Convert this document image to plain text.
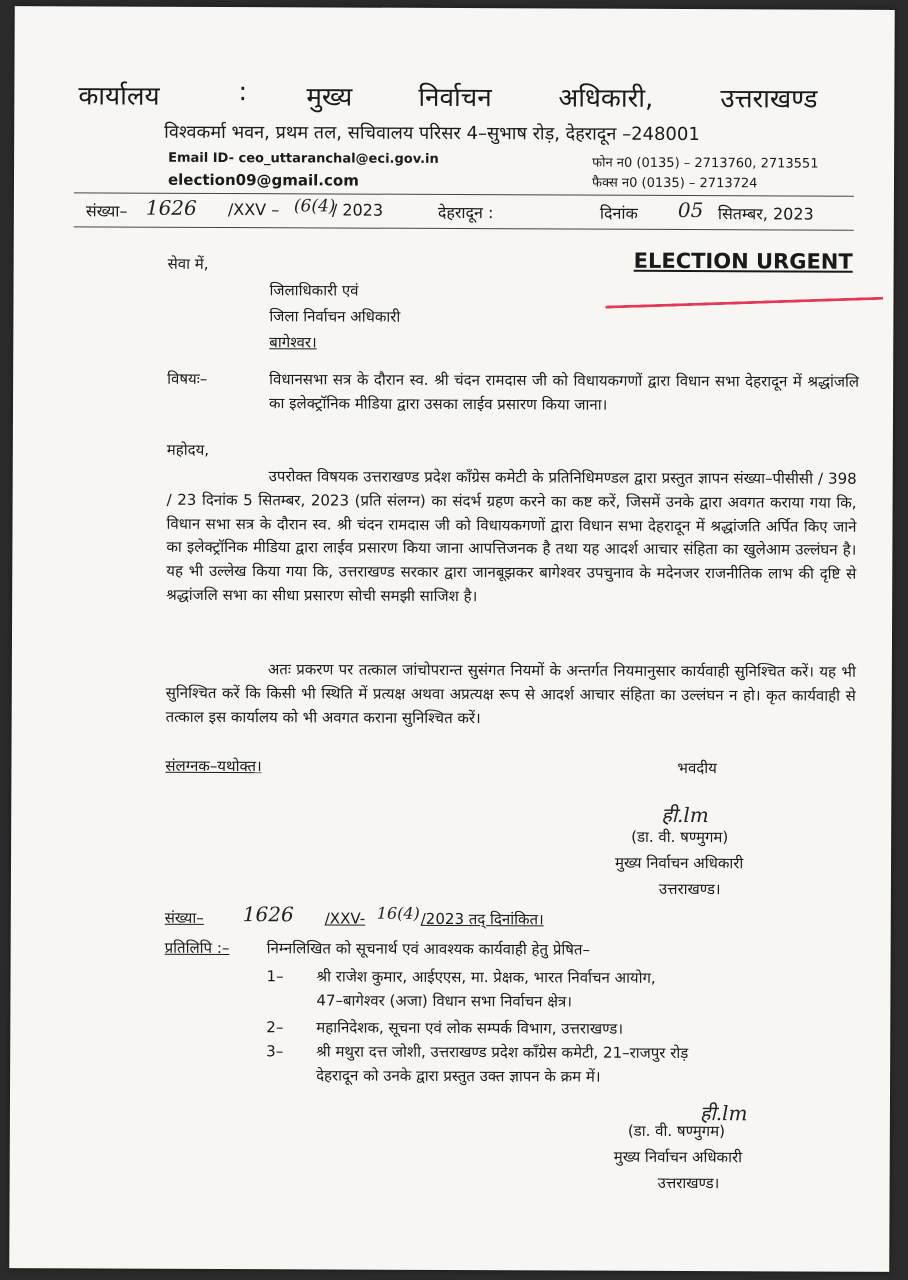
कार्यालय	: मुख्य	निर्वाचन	अधिकारी,	उत्तराखण्ड
विश्वकर्मा भवन, प्रथम तल, सचिवालय परिसर 4–सुभाष रोड़, देहरादून –248001
Email ID- ceo_uttaranchal@eci.gov.in
election09@gmail.com
फोन न0 (0135) – 2713760, 2713551
फैक्स न0 (0135) – 2713724
संख्या– 1626 /XXV – (6(4)
/ 2023	देहरादून :	दिनांक 05 सितम्बर, 2023
ELECTION URGENT
सेवा में,
जिलाधिकारी एवं
जिला निर्वाचन अधिकारी
बागेश्वर।
विषयः–	विधानसभा सत्र के दौरान स्व. श्री चंदन रामदास जी को विधायकगणों द्वारा विधान सभा देहरादून में श्रद्धांजलि का इलेक्ट्रॉनिक मीडिया द्वारा उसका लाईव प्रसारण किया जाना।
महोदय,
उपरोक्त विषयक उत्तराखण्ड प्रदेश काँग्रेस कमेटी के प्रतिनिधिमण्डल द्वारा प्रस्तुत ज्ञापन संख्या–पीसीसी / 398 / 23 दिनांक 5 सितम्बर, 2023 (प्रति संलग्न) का संदर्भ ग्रहण करने का कष्ट करें, जिसमें उनके द्वारा अवगत कराया गया कि, विधान सभा सत्र के दौरान स्व. श्री चंदन रामदास जी को विधायकगणों द्वारा विधान सभा देहरादून में श्रद्धांजति अर्पित किए जाने का इलेक्ट्रॉनिक मीडिया द्वारा लाईव प्रसारण किया जाना आपत्तिजनक है तथा यह आदर्श आचार संहिता का खुलेआम उल्लंघन है। यह भी उल्लेख किया गया कि, उत्तराखण्ड सरकार द्वारा जानबूझकर बागेश्वर उपचुनाव के मदेनजर राजनीतिक लाभ की दृष्टि से श्रद्धांजलि सभा का सीधा प्रसारण सोची समझी साजिश है।
अतः प्रकरण पर तत्काल जांचोपरान्त सुसंगत नियमों के अन्तर्गत नियमानुसार कार्यवाही सुनिश्चित करें। यह भी सुनिश्चित करें कि किसी भी स्थिति में प्रत्यक्ष अथवा अप्रत्यक्ष रूप से आदर्श आचार संहिता का उल्लंघन न हो। कृत कार्यवाही से तत्काल इस कार्यालय को भी अवगत कराना सुनिश्चित करें।
संलग्नक–यथोक्त।	भवदीय
ही.lm
(डा. वी. षण्मुगम)
मुख्य निर्वाचन अधिकारी
उत्तराखण्ड।
संख्या– 1626 /XXV- 16(4) /2023 तद् दिनांकित।
प्रतिलिपि :– निम्नलिखित को सूचनार्थ एवं आवश्यक कार्यवाही हेतु प्रेषित–
1– श्री राजेश कुमार, आईएएस, मा. प्रेक्षक, भारत निर्वाचन आयोग,
47–बागेश्वर (अजा) विधान सभा निर्वाचन क्षेत्र।
2– महानिदेशक, सूचना एवं लोक सम्पर्क विभाग, उत्तराखण्ड।
3– श्री मथुरा दत्त जोशी, उत्तराखण्ड प्रदेश काँग्रेस कमेटी, 21–राजपुर रोड़
देहरादून को उनके द्वारा प्रस्तुत उक्त ज्ञापन के क्रम में।
ही.lm
(डा. वी. षण्मुगम)
मुख्य निर्वाचन अधिकारी
उत्तराखण्ड।
